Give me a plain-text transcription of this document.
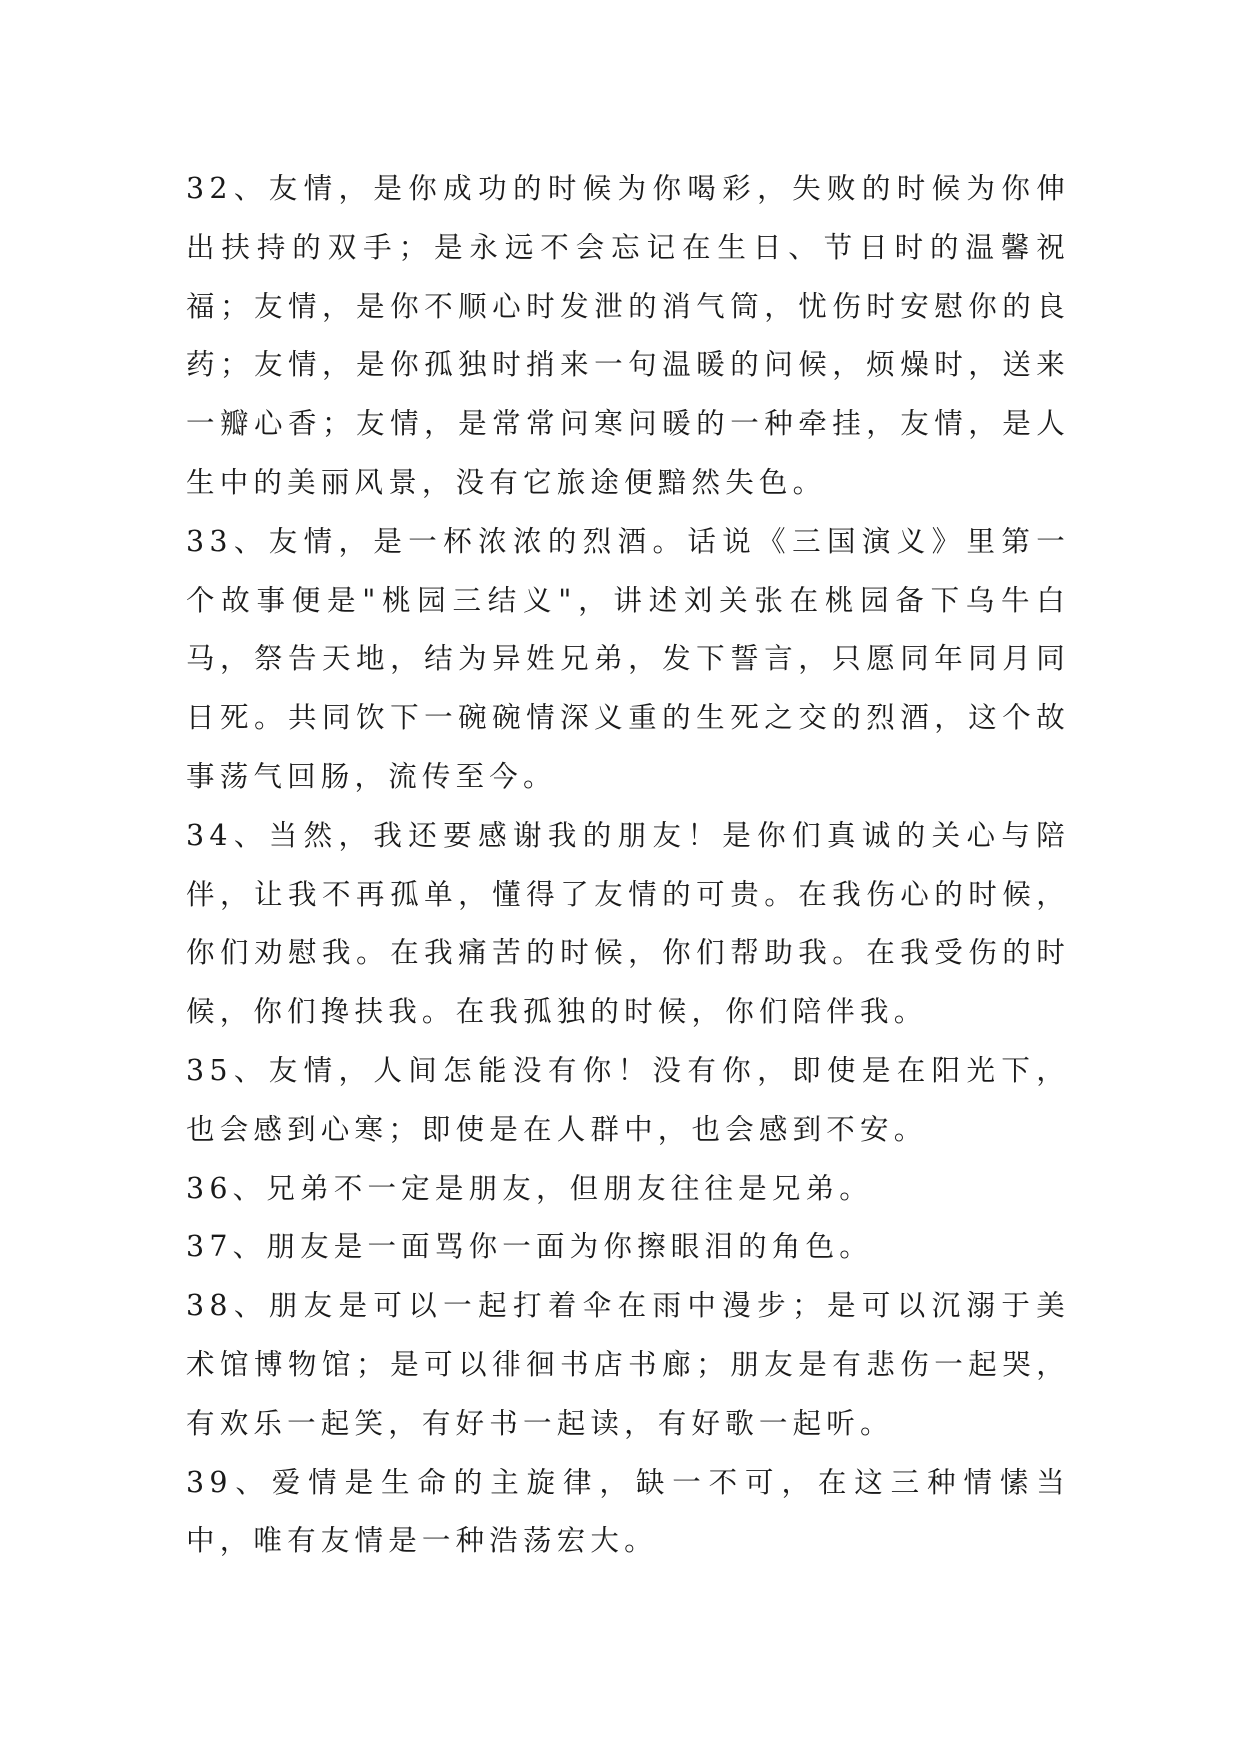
32、友情，是你成功的时候为你喝彩，失败的时候为你伸出扶持的双手；是永远不会忘记在生日、节日时的温馨祝福；友情，是你不顺心时发泄的消气筒，忧伤时安慰你的良药；友情，是你孤独时捎来一句温暖的问候，烦燥时，送来一瓣心香；友情，是常常问寒问暖的一种牵挂，友情，是人生中的美丽风景，没有它旅途便黯然失色。

33、友情，是一杯浓浓的烈酒。话说《三国演义》里第一个故事便是"桃园三结义"，讲述刘关张在桃园备下乌牛白马，祭告天地，结为异姓兄弟，发下誓言，只愿同年同月同日死。共同饮下一碗碗情深义重的生死之交的烈酒，这个故事荡气回肠，流传至今。

34、当然，我还要感谢我的朋友！是你们真诚的关心与陪伴，让我不再孤单，懂得了友情的可贵。在我伤心的时候，你们劝慰我。在我痛苦的时候，你们帮助我。在我受伤的时候，你们搀扶我。在我孤独的时候，你们陪伴我。

35、友情，人间怎能没有你！没有你，即使是在阳光下，也会感到心寒；即使是在人群中，也会感到不安。

36、兄弟不一定是朋友，但朋友往往是兄弟。

37、朋友是一面骂你一面为你擦眼泪的角色。

38、朋友是可以一起打着伞在雨中漫步；是可以沉溺于美术馆博物馆；是可以徘徊书店书廊；朋友是有悲伤一起哭，有欢乐一起笑，有好书一起读，有好歌一起听。

39、爱情是生命的主旋律，缺一不可，在这三种情愫当中，唯有友情是一种浩荡宏大。
